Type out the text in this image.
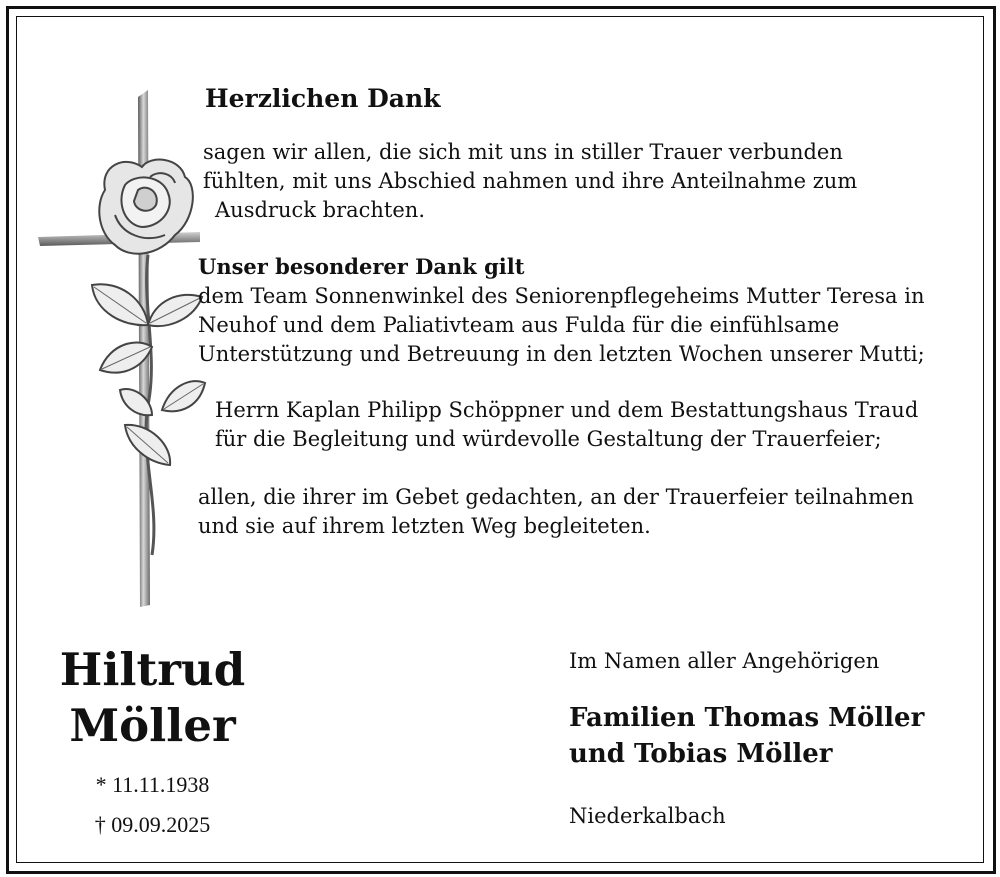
Herzlichen Dank
sagen wir allen, die sich mit uns in stiller Trauer verbunden
fühlten, mit uns Abschied nahmen und ihre Anteilnahme zum
Ausdruck brachten.
Unser besonderer Dank gilt
dem Team Sonnenwinkel des Seniorenpflegeheims Mutter Teresa in
Neuhof und dem Paliativteam aus Fulda für die einfühlsame
Unterstützung und Betreuung in den letzten Wochen unserer Mutti;
Herrn Kaplan Philipp Schöppner und dem Bestattungshaus Traud
für die Begleitung und würdevolle Gestaltung der Trauerfeier;
allen, die ihrer im Gebet gedachten, an der Trauerfeier teilnahmen
und sie auf ihrem letzten Weg begleiteten.
Hiltrud
Möller
* 11.11.1938
† 09.09.2025
Im Namen aller Angehörigen
Familien Thomas Möller
und Tobias Möller
Niederkalbach
